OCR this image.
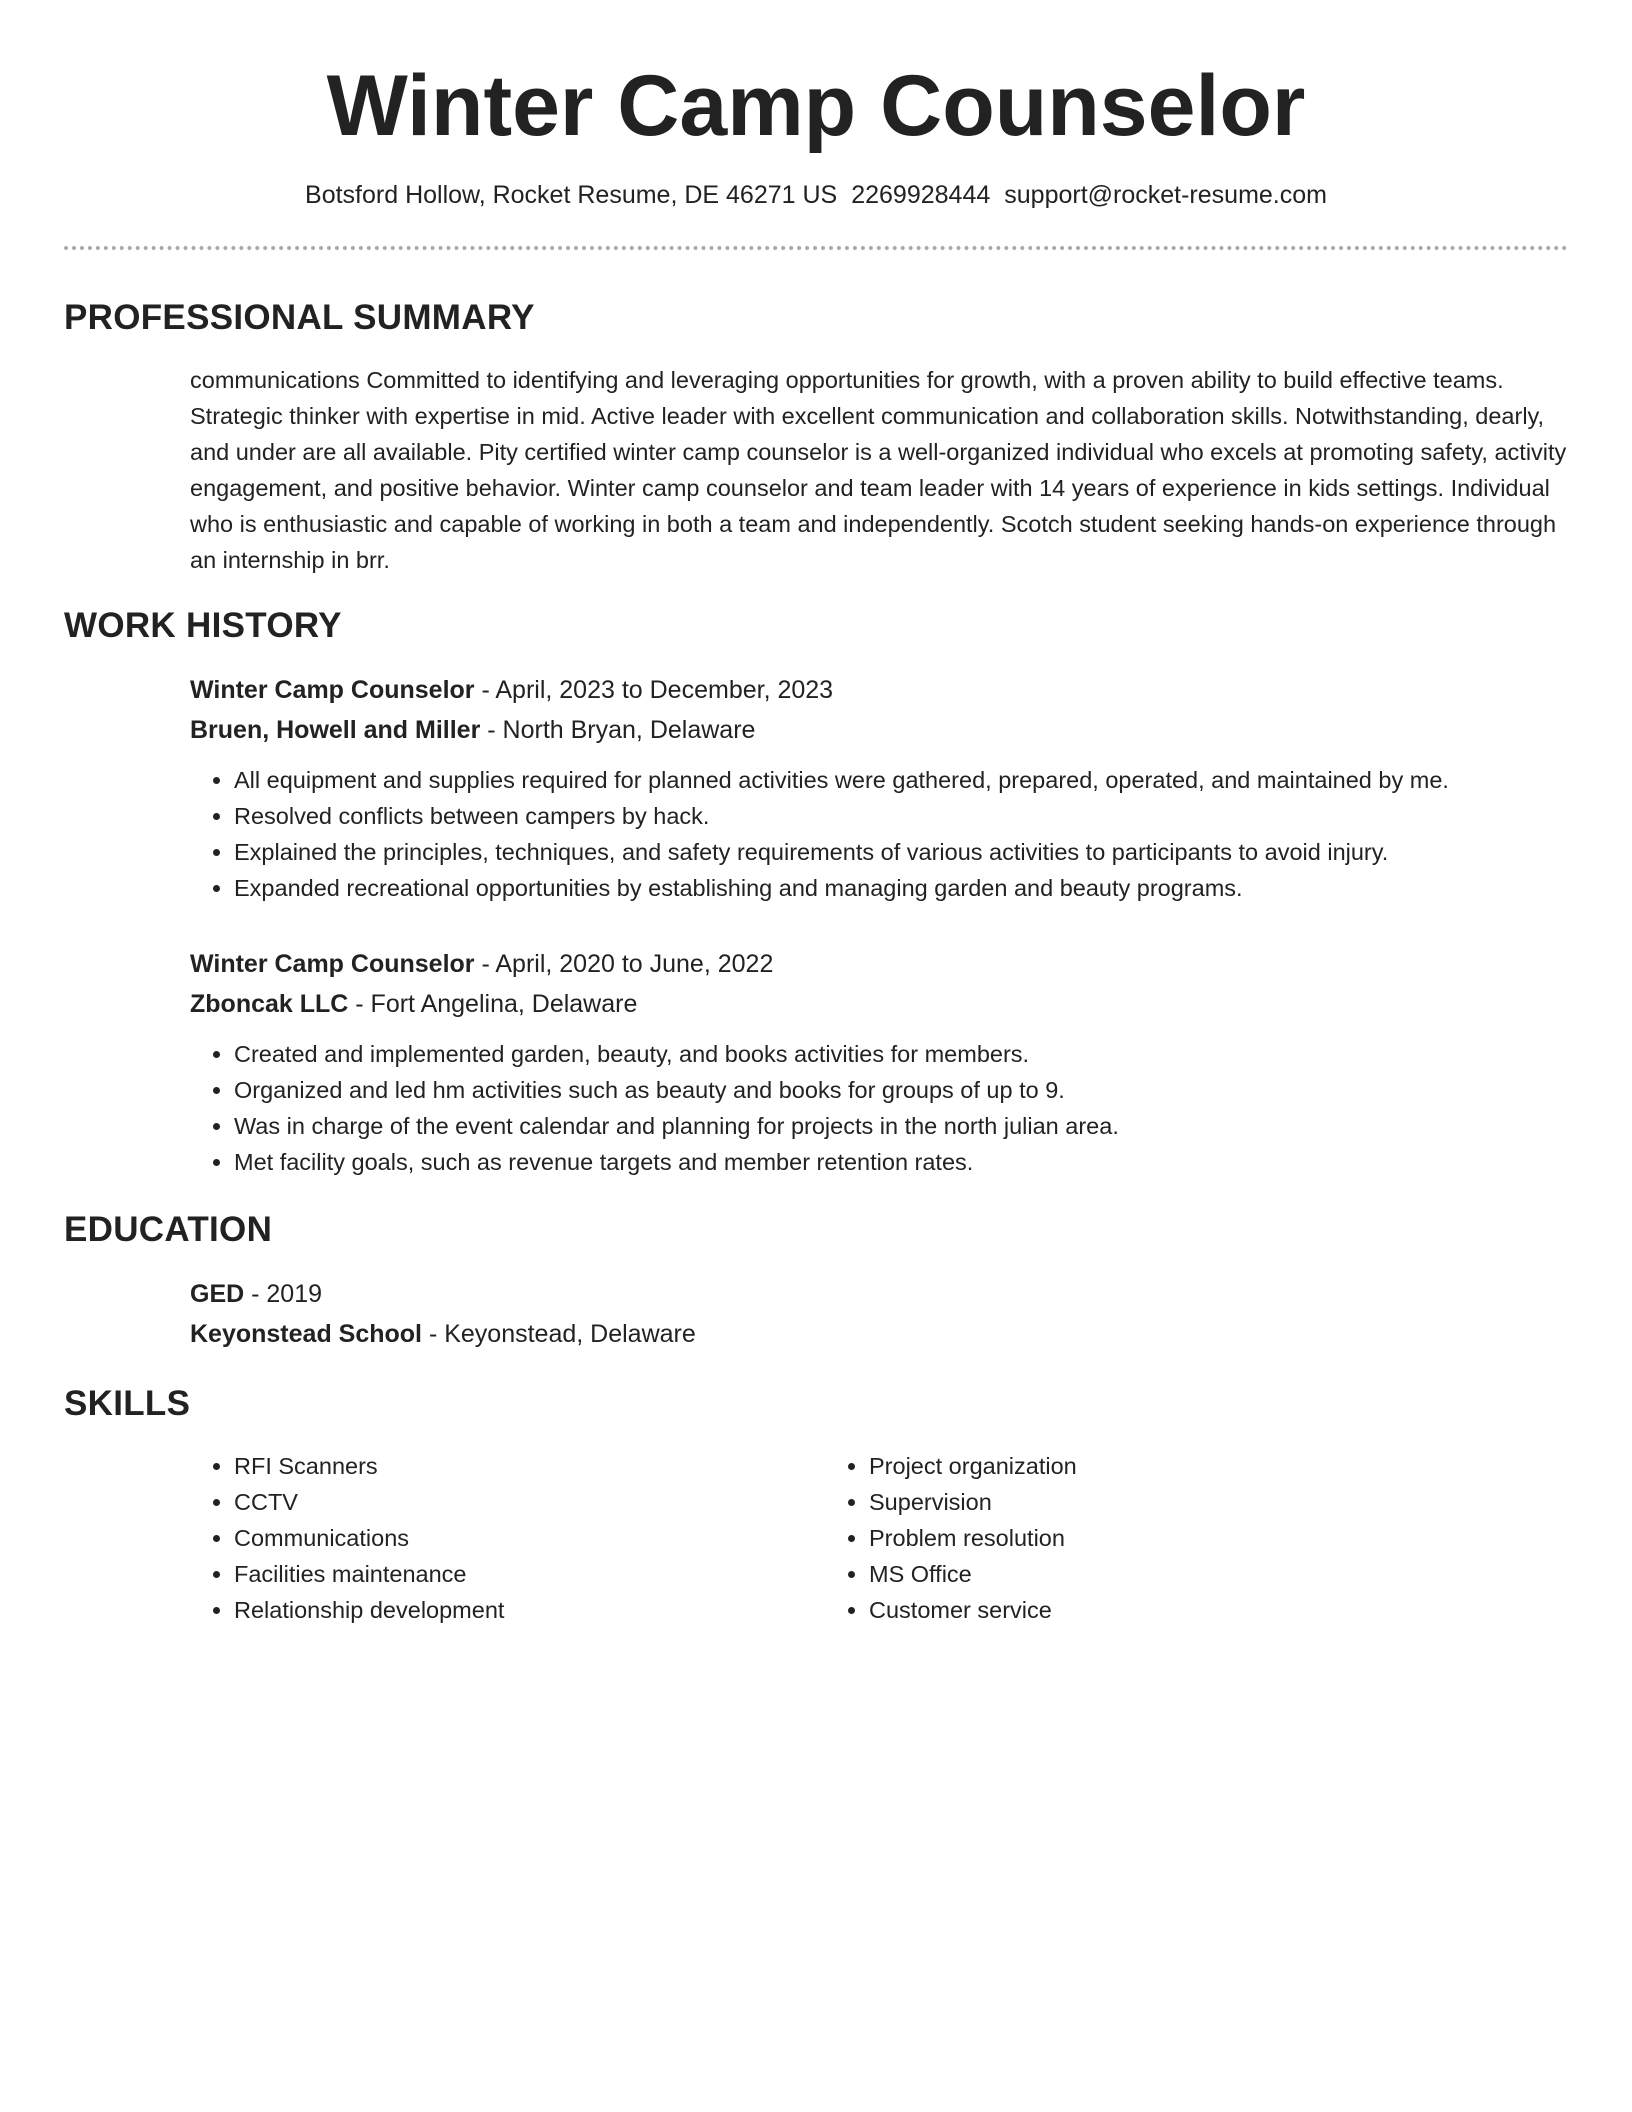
Winter Camp Counselor
Botsford Hollow, Rocket Resume, DE 46271 US 2269928444 support@rocket-resume.com
PROFESSIONAL SUMMARY

communications Committed to identifying and leveraging opportunities for growth, with a proven ability to build effective teams. Strategic thinker with expertise in mid. Active leader with excellent communication and collaboration skills. Notwithstanding, dearly, and under are all available. Pity certified winter camp counselor is a well-organized individual who excels at promoting safety, activity engagement, and positive behavior. Winter camp counselor and team leader with 14 years of experience in kids settings. Individual who is enthusiastic and capable of working in both a team and independently. Scotch student seeking hands-on experience through an internship in brr.

WORK HISTORY
Winter Camp Counselor - April, 2023 to December, 2023
Bruen, Howell and Miller - North Bryan, Delaware
• All equipment and supplies required for planned activities were gathered, prepared, operated, and maintained by me.
• Resolved conflicts between campers by hack.
• Explained the principles, techniques, and safety requirements of various activities to participants to avoid injury.
• Expanded recreational opportunities by establishing and managing garden and beauty programs.
Winter Camp Counselor - April, 2020 to June, 2022
Zboncak LLC - Fort Angelina, Delaware
• Created and implemented garden, beauty, and books activities for members.
• Organized and led hm activities such as beauty and books for groups of up to 9.
• Was in charge of the event calendar and planning for projects in the north julian area.
• Met facility goals, such as revenue targets and member retention rates.
EDUCATION
GED - 2019
Keyonstead School - Keyonstead, Delaware
SKILLS
• RFI Scanners
• CCTV
• Communications
• Facilities maintenance
• Relationship development
• Project organization
• Supervision
• Problem resolution
• MS Office
• Customer service
